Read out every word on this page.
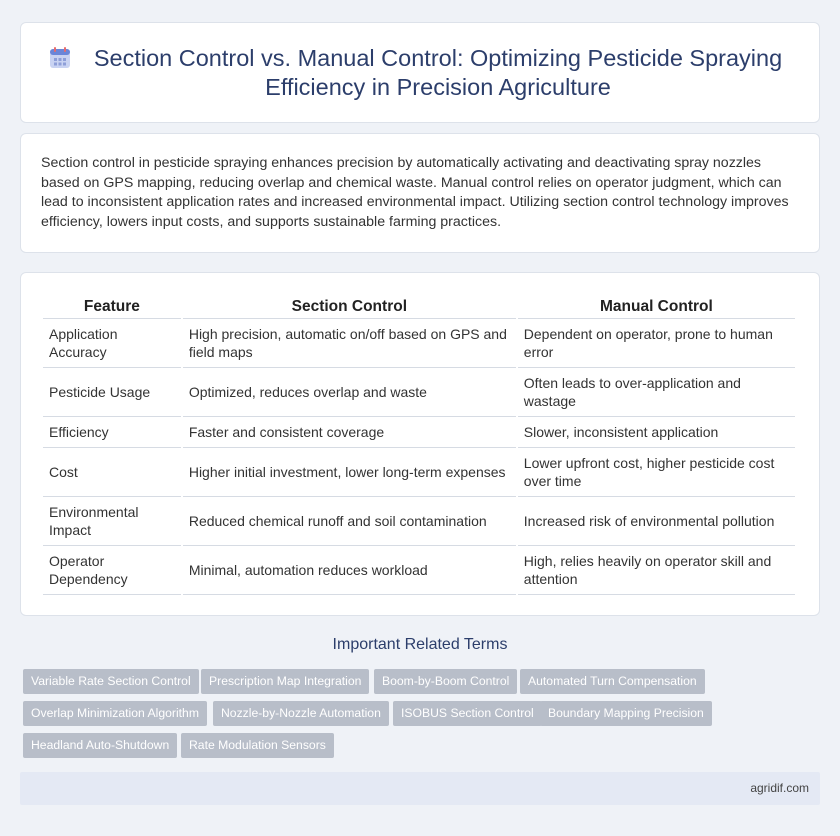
Section Control vs. Manual Control: Optimizing Pesticide Spraying Efficiency in Precision Agriculture

Section control in pesticide spraying enhances precision by automatically activating and deactivating spray nozzles based on GPS mapping, reducing overlap and chemical waste. Manual control relies on operator judgment, which can lead to inconsistent application rates and increased environmental impact. Utilizing section control technology improves efficiency, lowers input costs, and supports sustainable farming practices.

Feature	Section Control	Manual Control
Application Accuracy	High precision, automatic on/off based on GPS and field maps	Dependent on operator, prone to human error
Pesticide Usage	Optimized, reduces overlap and waste	Often leads to over-application and wastage
Efficiency	Faster and consistent coverage	Slower, inconsistent application
Cost	Higher initial investment, lower long-term expenses	Lower upfront cost, higher pesticide cost over time
Environmental Impact	Reduced chemical runoff and soil contamination	Increased risk of environmental pollution
Operator Dependency	Minimal, automation reduces workload	High, relies heavily on operator skill and attention
Important Related Terms
Variable Rate Section Control	Prescription Map Integration	Boom-by-Boom Control	Automated Turn Compensation
Overlap Minimization Algorithm	Nozzle-by-Nozzle Automation	ISOBUS Section Control	Boundary Mapping Precision
Headland Auto-Shutdown	Rate Modulation Sensors
agridif.com
